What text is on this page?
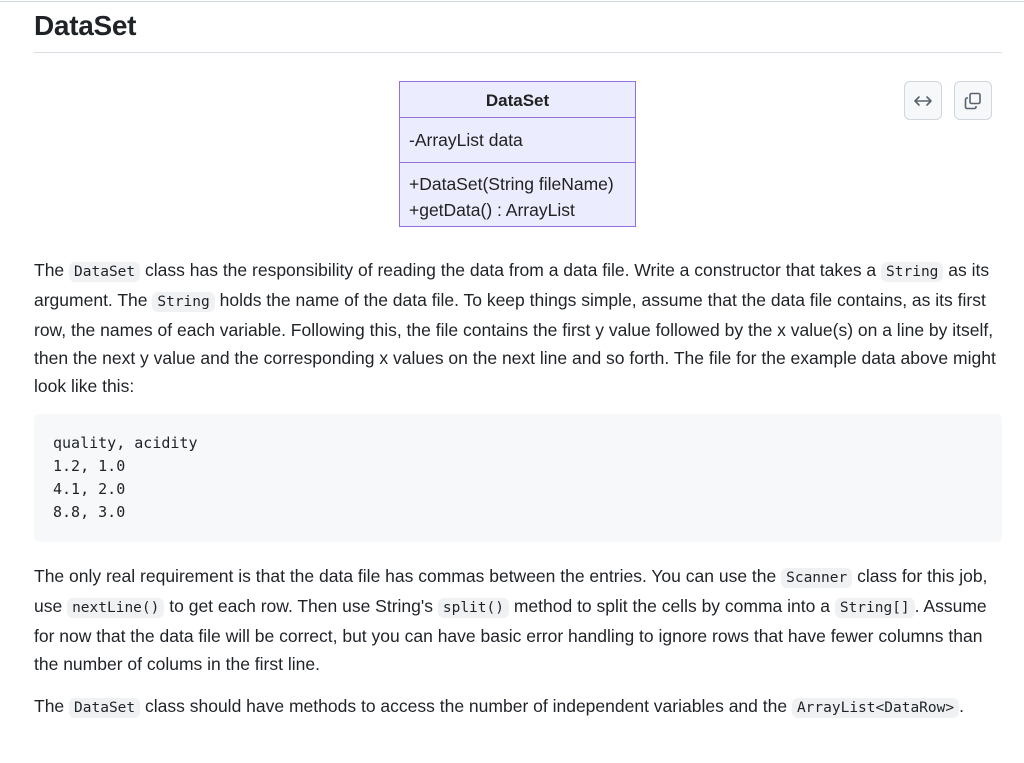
DataSet
DataSet
-ArrayList data
+DataSet(String fileName)
+getData() : ArrayList

The DataSet class has the responsibility of reading the data from a data file. Write a constructor that takes a String as its argument. The String holds the name of the data file. To keep things simple, assume that the data file contains, as its first row, the names of each variable. Following this, the file contains the first y value followed by the x value(s) on a line by itself, then the next y value and the corresponding x values on the next line and so forth. The file for the example data above might look like this:

quality, acidity
1.2, 1.0
4.1, 2.0
8.8, 3.0

The only real requirement is that the data file has commas between the entries. You can use the Scanner class for this job, use nextLine() to get each row. Then use String's split() method to split the cells by comma into a String[] . Assume for now that the data file will be correct, but you can have basic error handling to ignore rows that have fewer columns than the number of colums in the first line.

The DataSet class should have methods to access the number of independent variables and the ArrayList<DataRow> .
